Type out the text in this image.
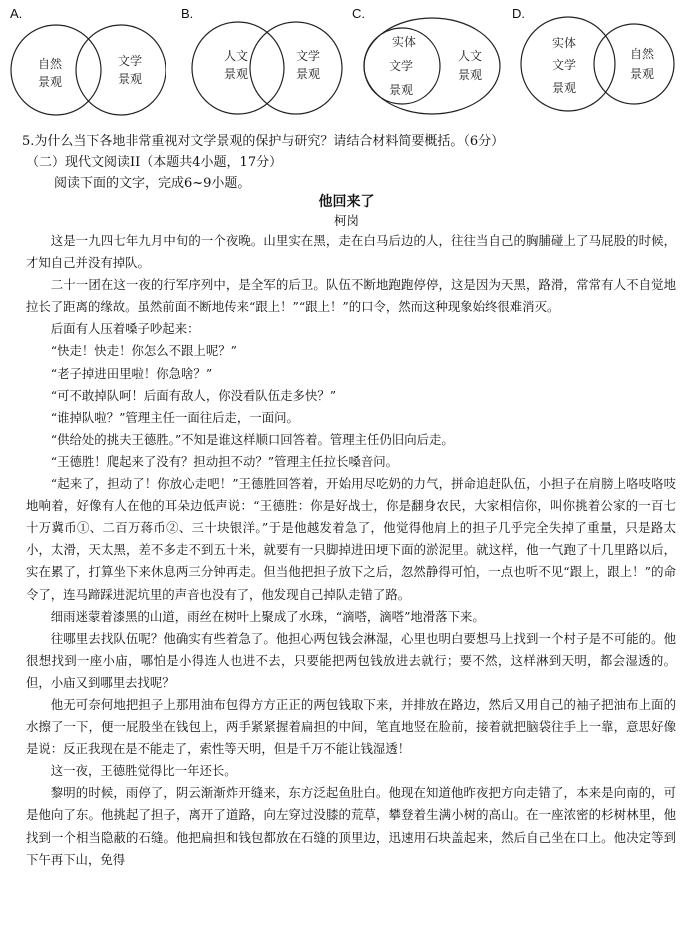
A.
自然
景观
文学
景观
B.
人文
景观
文学
景观
C.
实体
文学
景观
人文
景观
D.
实体
文学
景观
自然
景观
5.为什么当下各地非常重视对文学景观的保护与研究？请结合材料简要概括。（6分）
（二）现代文阅读II（本题共4小题，17分）
阅读下面的文字，完成6~9小题。
他回来了
柯岗

这是一九四七年九月中旬的一个夜晚。山里实在黑，走在白马后边的人，往往当自己的胸脯碰上了马屁股的时候，才知自己并没有掉队。

二十一团在这一夜的行军序列中，是全军的后卫。队伍不断地跑跑停停，这是因为天黑，路滑，常常有人不自觉地拉长了距离的缘故。虽然前面不断地传来“跟上！”“跟上！”的口令，然而这种现象始终很难消灭。

后面有人压着嗓子吵起来：

“快走！快走！你怎么不跟上呢？”

“老子掉进田里啦！你急啥？”

“可不敢掉队呵！后面有敌人，你没看队伍走多快？”

“谁掉队啦？”管理主任一面往后走，一面问。

“供给处的挑夫王德胜。”不知是谁这样顺口回答着。管理主任仍旧向后走。

“王德胜！爬起来了没有？担动担不动？”管理主任拉长嗓音问。

“起来了，担动了！你放心走吧！”王德胜回答着，开始用尽吃奶的力气，拼命追赶队伍，小担子在肩膀上咯吱咯吱地响着，好像有人在他的耳朵边低声说：“王德胜：你是好战士，你是翻身农民，大家相信你，叫你挑着公家的一百七十万冀币①、二百万蒋币②、三十块银洋。”于是他越发着急了，他觉得他肩上的担子几乎完全失掉了重量，只是路太小，太滑，天太黑，差不多走不到五十米，就要有一只脚掉进田埂下面的淤泥里。就这样，他一气跑了十几里路以后，实在累了，打算坐下来休息两三分钟再走。但当他把担子放下之后，忽然静得可怕，一点也听不见“跟上，跟上！”的命令了，连马蹄踩进泥坑里的声音也没有了，他发现自己掉队走错了路。

细雨迷蒙着漆黑的山道，雨丝在树叶上聚成了水珠，“滴嗒，滴嗒”地滑落下来。

往哪里去找队伍呢？他确实有些着急了。他担心两包钱会淋湿，心里也明白要想马上找到一个村子是不可能的。他很想找到一座小庙，哪怕是小得连人也进不去，只要能把两包钱放进去就行；要不然，这样淋到天明，都会湿透的。但，小庙又到哪里去找呢？

他无可奈何地把担子上那用油布包得方方正正的两包钱取下来，并排放在路边，然后又用自己的袖子把油布上面的水擦了一下，便一屁股坐在钱包上，两手紧紧握着扁担的中间，笔直地竖在脸前，接着就把脑袋往手上一靠，意思好像是说：反正我现在是不能走了，索性等天明，但是千万不能让钱湿透！

这一夜，王德胜觉得比一年还长。

黎明的时候，雨停了，阴云渐渐炸开缝来，东方泛起鱼肚白。他现在知道他昨夜把方向走错了，本来是向南的，可是他向了东。他挑起了担子，离开了道路，向左穿过没膝的荒草，攀登着生满小树的高山。在一座浓密的杉树林里，他找到一个相当隐蔽的石缝。他把扁担和钱包都放在石缝的顶里边，迅速用石块盖起来，然后自己坐在口上。他决定等到下午再下山，免得
